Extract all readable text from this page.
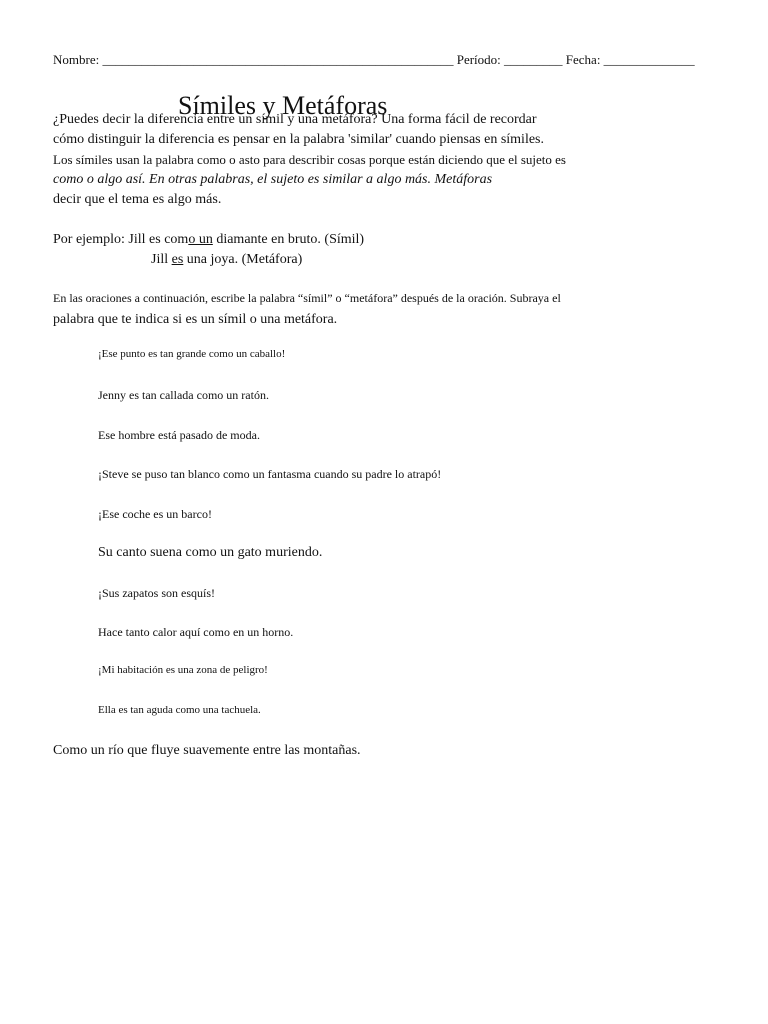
Nombre: ______________________________________________________ Período: _________ Fecha: ______________
Símiles y Metáforas
¿Puedes decir la diferencia entre un símil y una metáfora? Una forma fácil de recordar
cómo distinguir la diferencia es pensar en la palabra 'similar' cuando piensas en símiles.
Los símiles usan la palabra como o asto para describir cosas porque están diciendo que el sujeto es
como o algo así. En otras palabras, el sujeto es similar a algo más. Metáforas
decir que el tema es algo más.
Por ejemplo: Jill es como un diamante en bruto. (Símil)
Jill es una joya. (Metáfora)
En las oraciones a continuación, escribe la palabra “símil” o “metáfora” después de la oración. Subraya el
palabra que te indica si es un símil o una metáfora.
¡Ese punto es tan grande como un caballo!
Jenny es tan callada como un ratón.
Ese hombre está pasado de moda.
¡Steve se puso tan blanco como un fantasma cuando su padre lo atrapó!
¡Ese coche es un barco!
Su canto suena como un gato muriendo.
¡Sus zapatos son esquís!
Hace tanto calor aquí como en un horno.
¡Mi habitación es una zona de peligro!
Ella es tan aguda como una tachuela.
Como un río que fluye suavemente entre las montañas.
